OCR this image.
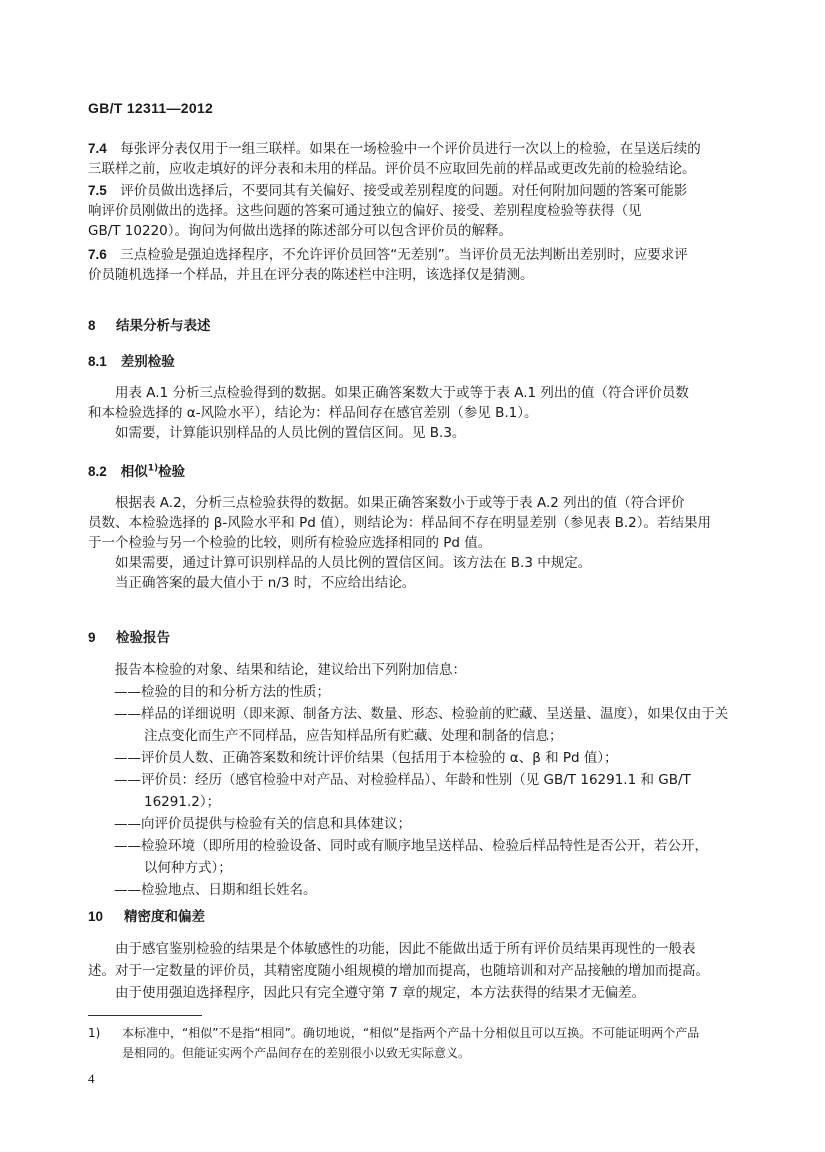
GB/T 12311—2012

7.4 每张评分表仅用于一组三联样。如果在一场检验中一个评价员进行一次以上的检验，在呈送后续的

三联样之前，应收走填好的评分表和未用的样品。评价员不应取回先前的样品或更改先前的检验结论。

7.5 评价员做出选择后，不要同其有关偏好、接受或差别程度的问题。对任何附加问题的答案可能影

响评价员刚做出的选择。这些问题的答案可通过独立的偏好、接受、差别程度检验等获得（见

GB/T 10220）。询问为何做出选择的陈述部分可以包含评价员的解释。

7.6 三点检验是强迫选择程序，不允许评价员回答“无差别”。当评价员无法判断出差别时，应要求评

价员随机选择一个样品，并且在评分表的陈述栏中注明，该选择仅是猜测。

8 结果分析与表述
8.1 差别检验

用表 A.1 分析三点检验得到的数据。如果正确答案数大于或等于表 A.1 列出的值（符合评价员数

和本检验选择的 α-风险水平），结论为：样品间存在感官差别（参见 B.1）。

如需要，计算能识别样品的人员比例的置信区间。见 B.3。

8.2 相似$^{1)}$检验

根据表 A.2，分析三点检验获得的数据。如果正确答案数小于或等于表 A.2 列出的值（符合评价

员数、本检验选择的 β-风险水平和 Pd 值），则结论为：样品间不存在明显差别（参见表 B.2）。若结果用

于一个检验与另一个检验的比较，则所有检验应选择相同的 Pd 值。

如果需要，通过计算可识别样品的人员比例的置信区间。该方法在 B.3 中规定。

当正确答案的最大值小于 n/3 时，不应给出结论。

9 检验报告
报告本检验的对象、结果和结论，建议给出下列附加信息：
——检验的目的和分析方法的性质；
——样品的详细说明（即来源、制备方法、数量、形态、检验前的贮藏、呈送量、温度），如果仅由于关
注点变化而生产不同样品，应告知样品所有贮藏、处理和制备的信息；
——评价员人数、正确答案数和统计评价结果（包括用于本检验的 α、β 和 Pd 值）；
——评价员：经历（感官检验中对产品、对检验样品）、年龄和性别（见 GB/T 16291.1 和 GB/T 16291.2）；
——向评价员提供与检验有关的信息和具体建议；
——检验环境（即所用的检验设备、同时或有顺序地呈送样品、检验后样品特性是否公开，若公开，
以何种方式）；
——检验地点、日期和组长姓名。
10 精密度和偏差

由于感官鉴别检验的结果是个体敏感性的功能，因此不能做出适于所有评价员结果再现性的一般表

述。对于一定数量的评价员，其精密度随小组规模的增加而提高，也随培训和对产品接触的增加而提高。

由于使用强迫选择程序，因此只有完全遵守第 7 章的规定，本方法获得的结果才无偏差。

1) 本标准中，“相似”不是指“相同”。确切地说，“相似”是指两个产品十分相似且可以互换。不可能证明两个产品
是相同的。但能证实两个产品间存在的差别很小以致无实际意义。
4
